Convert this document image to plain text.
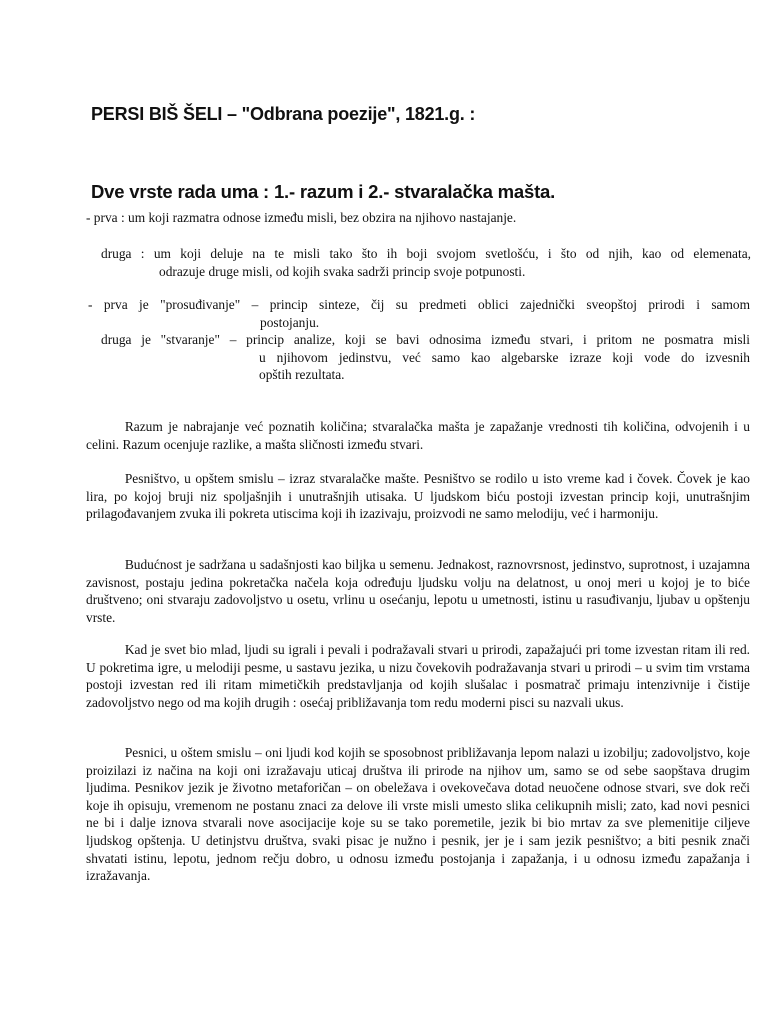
PERSI BIŠ ŠELI – "Odbrana poezije", 1821.g. :
Dve vrste rada uma : 1.- razum i 2.- stvaralačka mašta.
- prva : um koji razmatra odnose između misli, bez obzira na njihovo nastajanje.
druga : um koji deluje na te misli tako što ih boji svojom svetlošću, i što od njih, kao od elemenata,
odrazuje druge misli, od kojih svaka sadrži princip svoje potpunosti.
- prva je "prosuđivanje" – princip sinteze, čij su predmeti oblici zajednički sveopštoj prirodi i samom
postojanju.
druga je "stvaranje" – princip analize, koji se bavi odnosima između stvari, i pritom ne posmatra misli
u njihovom jedinstvu, već samo kao algebarske izraze koji vode do izvesnih
opštih rezultata.

Razum je nabrajanje već poznatih količina; stvaralačka mašta je zapažanje vrednosti tih količina, odvojenih i u celini. Razum ocenjuje razlike, a mašta sličnosti između stvari.

Pesništvo, u opštem smislu – izraz stvaralačke mašte. Pesništvo se rodilo u isto vreme kad i čovek. Čovek je kao lira, po kojoj bruji niz spoljašnjih i unutrašnjih utisaka. U ljudskom biću postoji izvestan princip koji, unutrašnjim prilagođavanjem zvuka ili pokreta utiscima koji ih izazivaju, proizvodi ne samo melodiju, već i harmoniju.

Budućnost je sadržana u sadašnjosti kao biljka u semenu. Jednakost, raznovrsnost, jedinstvo, suprotnost, i uzajamna zavisnost, postaju jedina pokretačka načela koja određuju ljudsku volju na delatnost, u onoj meri u kojoj je to biće društveno; oni stvaraju zadovoljstvo u osetu, vrlinu u osećanju, lepotu u umetnosti, istinu u rasuđivanju, ljubav u opštenju vrste.

Kad je svet bio mlad, ljudi su igrali i pevali i podražavali stvari u prirodi, zapažajući pri tome izvestan ritam ili red. U pokretima igre, u melodiji pesme, u sastavu jezika, u nizu čovekovih podražavanja stvari u prirodi – u svim tim vrstama postoji izvestan red ili ritam mimetičkih predstavljanja od kojih slušalac i posmatrač primaju intenzivnije i čistije zadovoljstvo nego od ma kojih drugih : osećaj približavanja tom redu moderni pisci su nazvali ukus.

Pesnici, u oštem smislu – oni ljudi kod kojih se sposobnost približavanja lepom nalazi u izobilju; zadovoljstvo, koje proizilazi iz načina na koji oni izražavaju uticaj društva ili prirode na njihov um, samo se od sebe saopštava drugim ljudima. Pesnikov jezik je životno metaforičan – on obeležava i ovekovečava dotad neuočene odnose stvari, sve dok reči koje ih opisuju, vremenom ne postanu znaci za delove ili vrste misli umesto slika celikupnih misli; zato, kad novi pesnici ne bi i dalje iznova stvarali nove asocijacije koje su se tako poremetile, jezik bi bio mrtav za sve plemenitije ciljeve ljudskog opštenja. U detinjstvu društva, svaki pisac je nužno i pesnik, jer je i sam jezik pesništvo; a biti pesnik znači shvatati istinu, lepotu, jednom rečju dobro, u odnosu između postojanja i zapažanja, i u odnosu između zapažanja i izražavanja.
